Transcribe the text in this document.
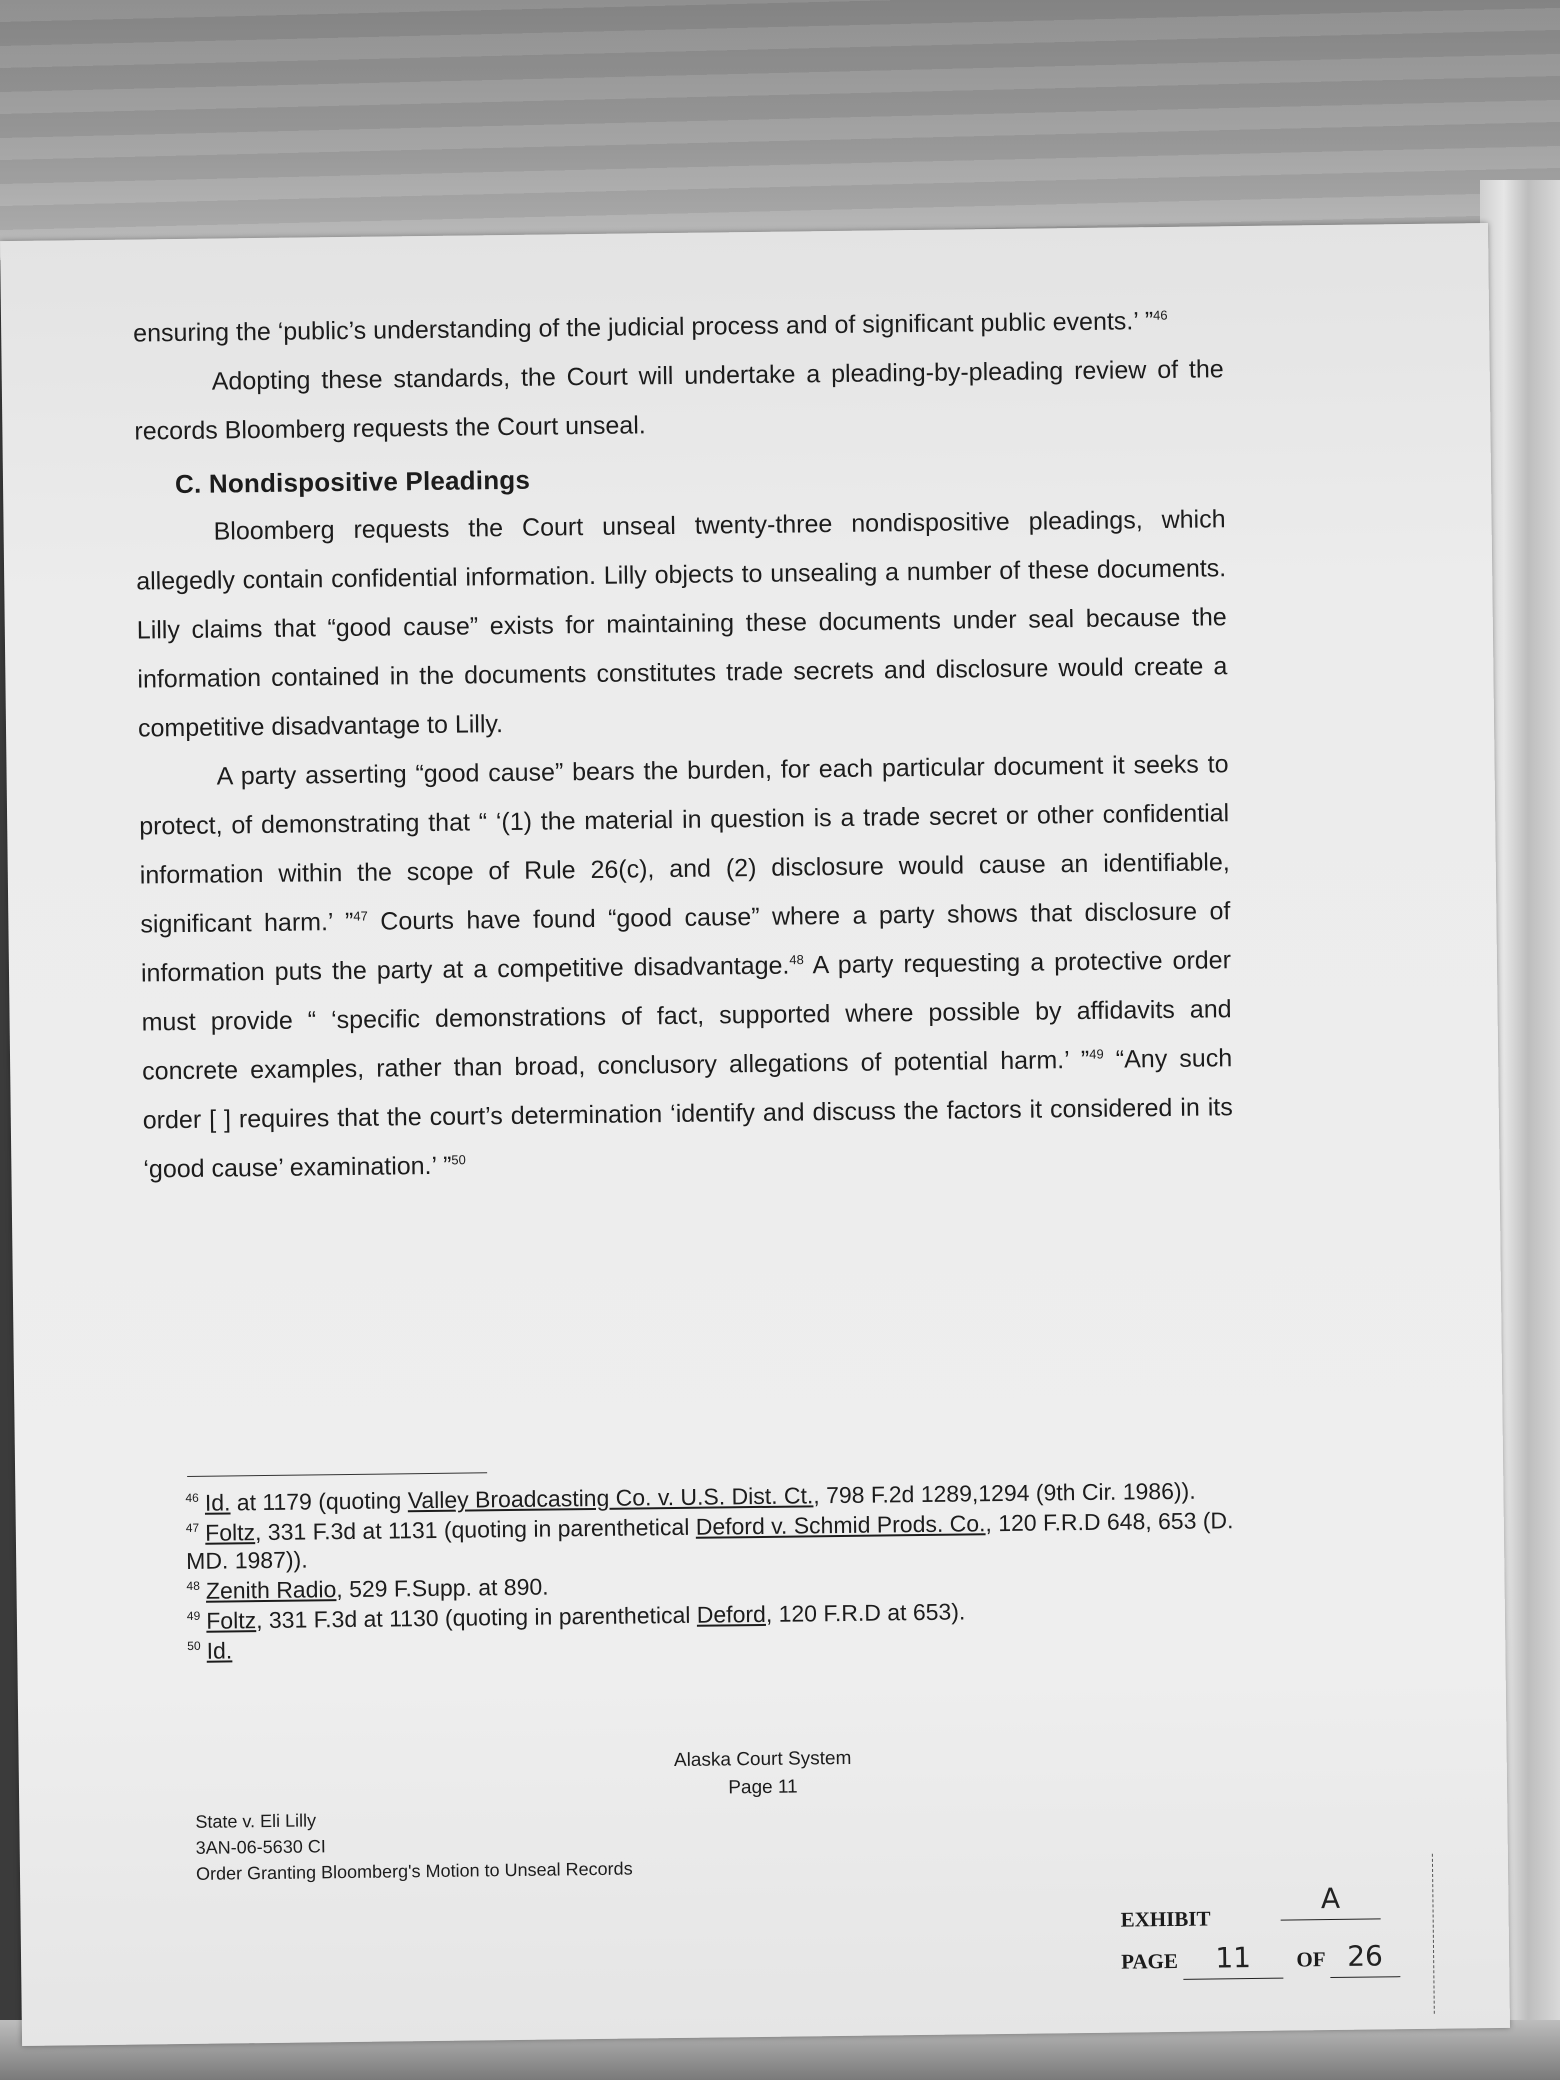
ensuring the ‘public’s understanding of the judicial process and of significant public events.’ ”$^{46}$

Adopting these standards, the Court will undertake a pleading-by-pleading review of the records Bloomberg requests the Court unseal.

C. Nondispositive Pleadings

Bloomberg requests the Court unseal twenty-three nondispositive pleadings, which allegedly contain confidential information. Lilly objects to unsealing a number of these documents. Lilly claims that “good cause” exists for maintaining these documents under seal because the information contained in the documents constitutes trade secrets and disclosure would create a competitive disadvantage to Lilly.

A party asserting “good cause” bears the burden, for each particular document it seeks to protect, of demonstrating that “ ‘(1) the material in question is a trade secret or other confidential information within the scope of Rule 26(c), and (2) disclosure would cause an identifiable, significant harm.’ ”$^{47}$ Courts have found “good cause” where a party shows that disclosure of information puts the party at a competitive disadvantage.$^{48}$ A party requesting a protective order must provide “ ‘specific demonstrations of fact, supported where possible by affidavits and concrete examples, rather than broad, conclusory allegations of potential harm.’ ”$^{49}$ “Any such order [ ] requires that the court’s determination ‘identify and discuss the factors it considered in its ‘good cause’ examination.’ ”$^{50}$

$^{46}$ Id. at 1179 (quoting Valley Broadcasting Co. v. U.S. Dist. Ct., 798 F.2d 1289,1294 (9th Cir. 1986)).

$^{47}$ Foltz, 331 F.3d at 1131 (quoting in parenthetical Deford v. Schmid Prods. Co., 120 F.R.D 648, 653 (D. MD. 1987)).

$^{48}$ Zenith Radio, 529 F.Supp. at 890.

$^{49}$ Foltz, 331 F.3d at 1130 (quoting in parenthetical Deford, 120 F.R.D at 653).

$^{50}$ Id.

Alaska Court System
Page 11
State v. Eli Lilly
3AN-06-5630 CI
Order Granting Bloomberg's Motion to Unseal Records
EXHIBIT
A
PAGE 11 OF 26
